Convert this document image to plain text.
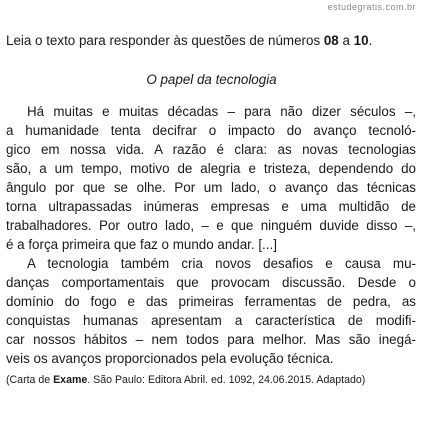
estudegratis.com.br
Leia o texto para responder às questões de números 08 a 10.
O papel da tecnologia
Há muitas e muitas décadas – para não dizer séculos –,
a humanidade tenta decifrar o impacto do avanço tecnoló-
gico em nossa vida. A razão é clara: as novas tecnologias
são, a um tempo, motivo de alegria e tristeza, dependendo do
ângulo por que se olhe. Por um lado, o avanço das técnicas
torna ultrapassadas inúmeras empresas e uma multidão de
trabalhadores. Por outro lado, – e que ninguém duvide disso –,
é a força primeira que faz o mundo andar. [...]
A tecnologia também cria novos desafios e causa mu-
danças comportamentais que provocam discussão. Desde o
domínio do fogo e das primeiras ferramentas de pedra, as
conquistas humanas apresentam a característica de modifi-
car nossos hábitos – nem todos para melhor. Mas são inegá-
veis os avanços proporcionados pela evolução técnica.
(Carta de Exame. São Paulo: Editora Abril. ed. 1092, 24.06.2015. Adaptado)
